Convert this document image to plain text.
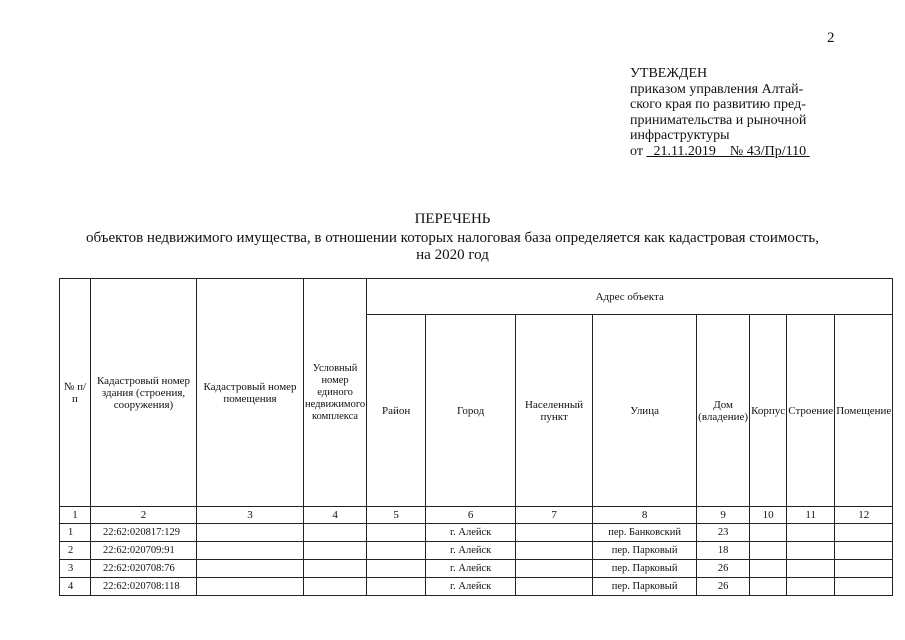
2
УТВЕЖДЕН
приказом управления Алтай-
ского края по развитию пред-
принимательства и рыночной
инфраструктуры
от 21.11.2019 № 43/Пр/110
ПЕРЕЧЕНЬ
объектов недвижимого имущества, в отношении которых налоговая база определяется как кадастровая стоимость,
на 2020 год
№ п/п	Кадастровый номер здания (строения, сооружения)	Кадастровый номер помещения	Условный номер единого недвижимого комплекса	Адрес объекта							
				Район	Город	Населенный пункт	Улица	Дом (владение)	Корпус	Строение	Помещение
1	2	3	4	5	6	7	8	9	10	11	12
1	22:62:020817:129				г. Алейск		пер. Банковский	23			
2	22:62:020709:91				г. Алейск		пер. Парковый	18			
3	22:62:020708:76				г. Алейск		пер. Парковый	26			
4	22:62:020708:118				г. Алейск		пер. Парковый	26			
